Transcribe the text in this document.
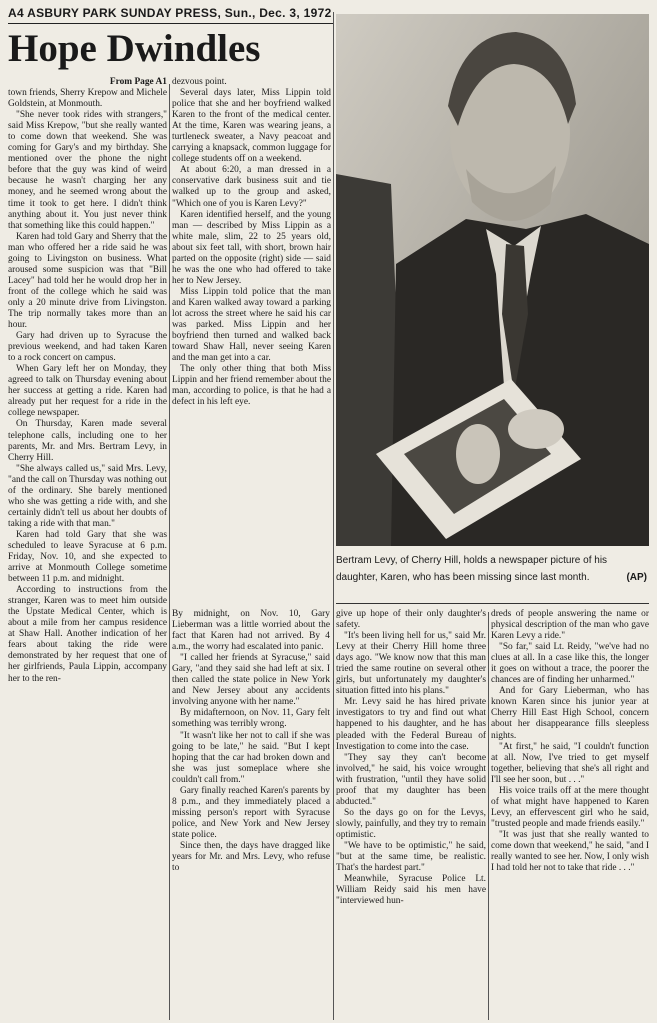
A4 ASBURY PARK SUNDAY PRESS, Sun., Dec. 3, 1972
Hope Dwindles

From Page A1

town friends, Sherry Krepow and Michele Goldstein, at Monmouth.

"She never took rides with strangers," said Miss Krepow, "but she really wanted to come down that weekend. She was coming for Gary's and my birthday. She mentioned over the phone the night before that the guy was kind of weird because he wasn't charging her any money, and he seemed wrong about the time it took to get here. I didn't think anything about it. You just never think that something like this could happen."

Karen had told Gary and Sherry that the man who offered her a ride said he was going to Livingston on business. What aroused some suspicion was that "Bill Lacey" had told her he would drop her in front of the college which he said was only a 20 minute drive from Livingston. The trip normally takes more than an hour.

Gary had driven up to Syracuse the previous weekend, and had taken Karen to a rock concert on campus.

When Gary left her on Monday, they agreed to talk on Thursday evening about her success at getting a ride. Karen had already put her request for a ride in the college newspaper.

On Thursday, Karen made several telephone calls, including one to her parents, Mr. and Mrs. Bertram Levy, in Cherry Hill.

"She always called us," said Mrs. Levy, "and the call on Thursday was nothing out of the ordinary. She barely mentioned who she was getting a ride with, and she certainly didn't tell us about her doubts of taking a ride with that man."

Karen had told Gary that she was scheduled to leave Syracuse at 6 p.m. Friday, Nov. 10, and she expected to arrive at Monmouth College sometime between 11 p.m. and midnight.

According to instructions from the stranger, Karen was to meet him outside the Upstate Medical Center, which is about a mile from her campus residence at Shaw Hall. Another indication of her fears about taking the ride were demonstrated by her request that one of her girlfriends, Paula Lippin, accompany her to the ren-

dezvous point.

Several days later, Miss Lippin told police that she and her boyfriend walked Karen to the front of the medical center. At the time, Karen was wearing jeans, a turtleneck sweater, a Navy peacoat and carrying a knapsack, common luggage for college students off on a weekend.

At about 6:20, a man dressed in a conservative dark business suit and tie walked up to the group and asked, "Which one of you is Karen Levy?"

Karen identified herself, and the young man — described by Miss Lippin as a white male, slim, 22 to 25 years old, about six feet tall, with short, brown hair parted on the opposite (right) side — said he was the one who had offered to take her to New Jersey.

Miss Lippin told police that the man and Karen walked away toward a parking lot across the street where he said his car was parked. Miss Lippin and her boyfriend then turned and walked back toward Shaw Hall, never seeing Karen and the man get into a car.

The only other thing that both Miss Lippin and her friend remember about the man, according to police, is that he had a defect in his left eye.

Bertram Levy, of Cherry Hill, holds a newspaper picture of his daughter, Karen, who has been missing since last month.	(AP)

By midnight, on Nov. 10, Gary Lieberman was a little worried about the fact that Karen had not arrived. By 4 a.m., the worry had escalated into panic.

"I called her friends at Syracuse," said Gary, "and they said she had left at six. I then called the state police in New York and New Jersey about any accidents involving anyone with her name."

By midafternoon, on Nov. 11, Gary felt something was terribly wrong.

"It wasn't like her not to call if she was going to be late," he said. "But I kept hoping that the car had broken down and she was just someplace where she couldn't call from."

Gary finally reached Karen's parents by 8 p.m., and they immediately placed a missing person's report with Syracuse police, and New York and New Jersey state police.

Since then, the days have dragged like years for Mr. and Mrs. Levy, who refuse to

give up hope of their only daughter's safety.

"It's been living hell for us," said Mr. Levy at their Cherry Hill home three days ago. "We know now that this man tried the same routine on several other girls, but unfortunately my daughter's situation fitted into his plans."

Mr. Levy said he has hired private investigators to try and find out what happened to his daughter, and he has pleaded with the Federal Bureau of Investigation to come into the case.

"They say they can't become involved," he said, his voice wrought with frustration, "until they have solid proof that my daughter has been abducted."

So the days go on for the Levys, slowly, painfully, and they try to remain optimistic.

"We have to be optimistic," he said, "but at the same time, be realistic. That's the hardest part."

Meanwhile, Syracuse Police Lt. William Reidy said his men have "interviewed hun-

dreds of people answering the name or physical description of the man who gave Karen Levy a ride."

"So far," said Lt. Reidy, "we've had no clues at all. In a case like this, the longer it goes on without a trace, the poorer the chances are of finding her unharmed."

And for Gary Lieberman, who has known Karen since his junior year at Cherry Hill East High School, concern about her disappearance fills sleepless nights.

"At first," he said, "I couldn't function at all. Now, I've tried to get myself together, believing that she's all right and I'll see her soon, but . . ."

His voice trails off at the mere thought of what might have happened to Karen Levy, an effervescent girl who he said, "trusted people and made friends easily."

"It was just that she really wanted to come down that weekend," he said, "and I really wanted to see her. Now, I only wish I had told her not to take that ride . . ."
